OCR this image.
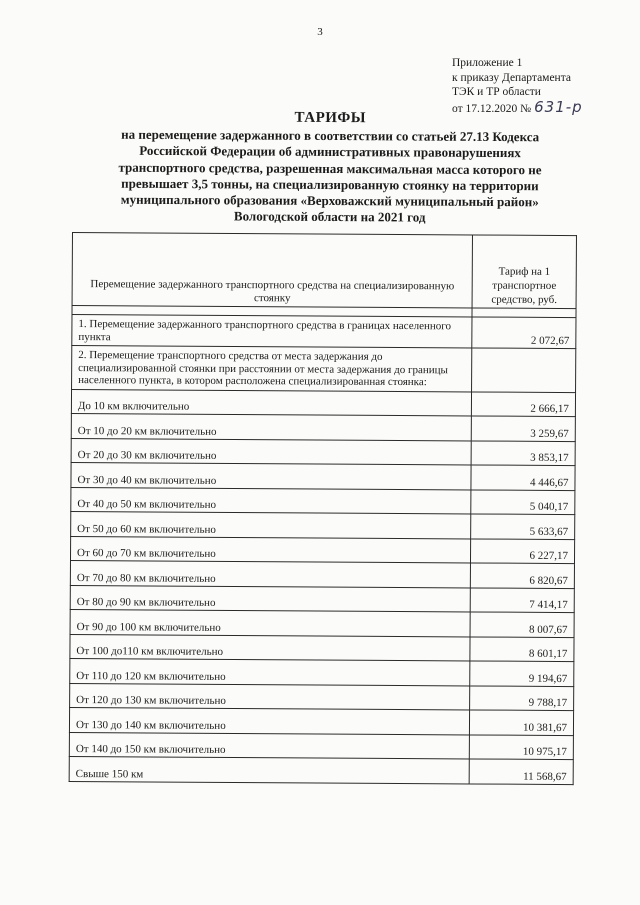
3
Приложение 1
к приказу Департамента
ТЭК и ТР области
от 17.12.2020 № 631-р
ТАРИФЫ
на перемещение задержанного в соответствии со статьей 27.13 Кодекса
Российской Федерации об административных правонарушениях
транспортного средства, разрешенная максимальная масса которого не
превышает 3,5 тонны, на специализированную стоянку на территории
муниципального образования «Верховажский муниципальный район»
Вологодской области на 2021 год
Перемещение задержанного транспортного средства на специализированную стоянку	Тариф на 1 транспортное средство, руб.

1. Перемещение задержанного транспортного средства в границах населенного пункта	2 072,67
2. Перемещение транспортного средства от места задержания до специализированной стоянки при расстоянии от места задержания до границы населенного пункта, в котором расположена специализированная стоянка:	
До 10 км включительно	2 666,17
От 10 до 20 км включительно	3 259,67
От 20 до 30 км включительно	3 853,17
От 30 до 40 км включительно	4 446,67
От 40 до 50 км включительно	5 040,17
От 50 до 60 км включительно	5 633,67
От 60 до 70 км включительно	6 227,17
От 70 до 80 км включительно	6 820,67
От 80 до 90 км включительно	7 414,17
От 90 до 100 км включительно	8 007,67
От 100 до110 км включительно	8 601,17
От 110 до 120 км включительно	9 194,67
От 120 до 130 км включительно	9 788,17
От 130 до 140 км включительно	10 381,67
От 140 до 150 км включительно	10 975,17
Свыше 150 км	11 568,67
